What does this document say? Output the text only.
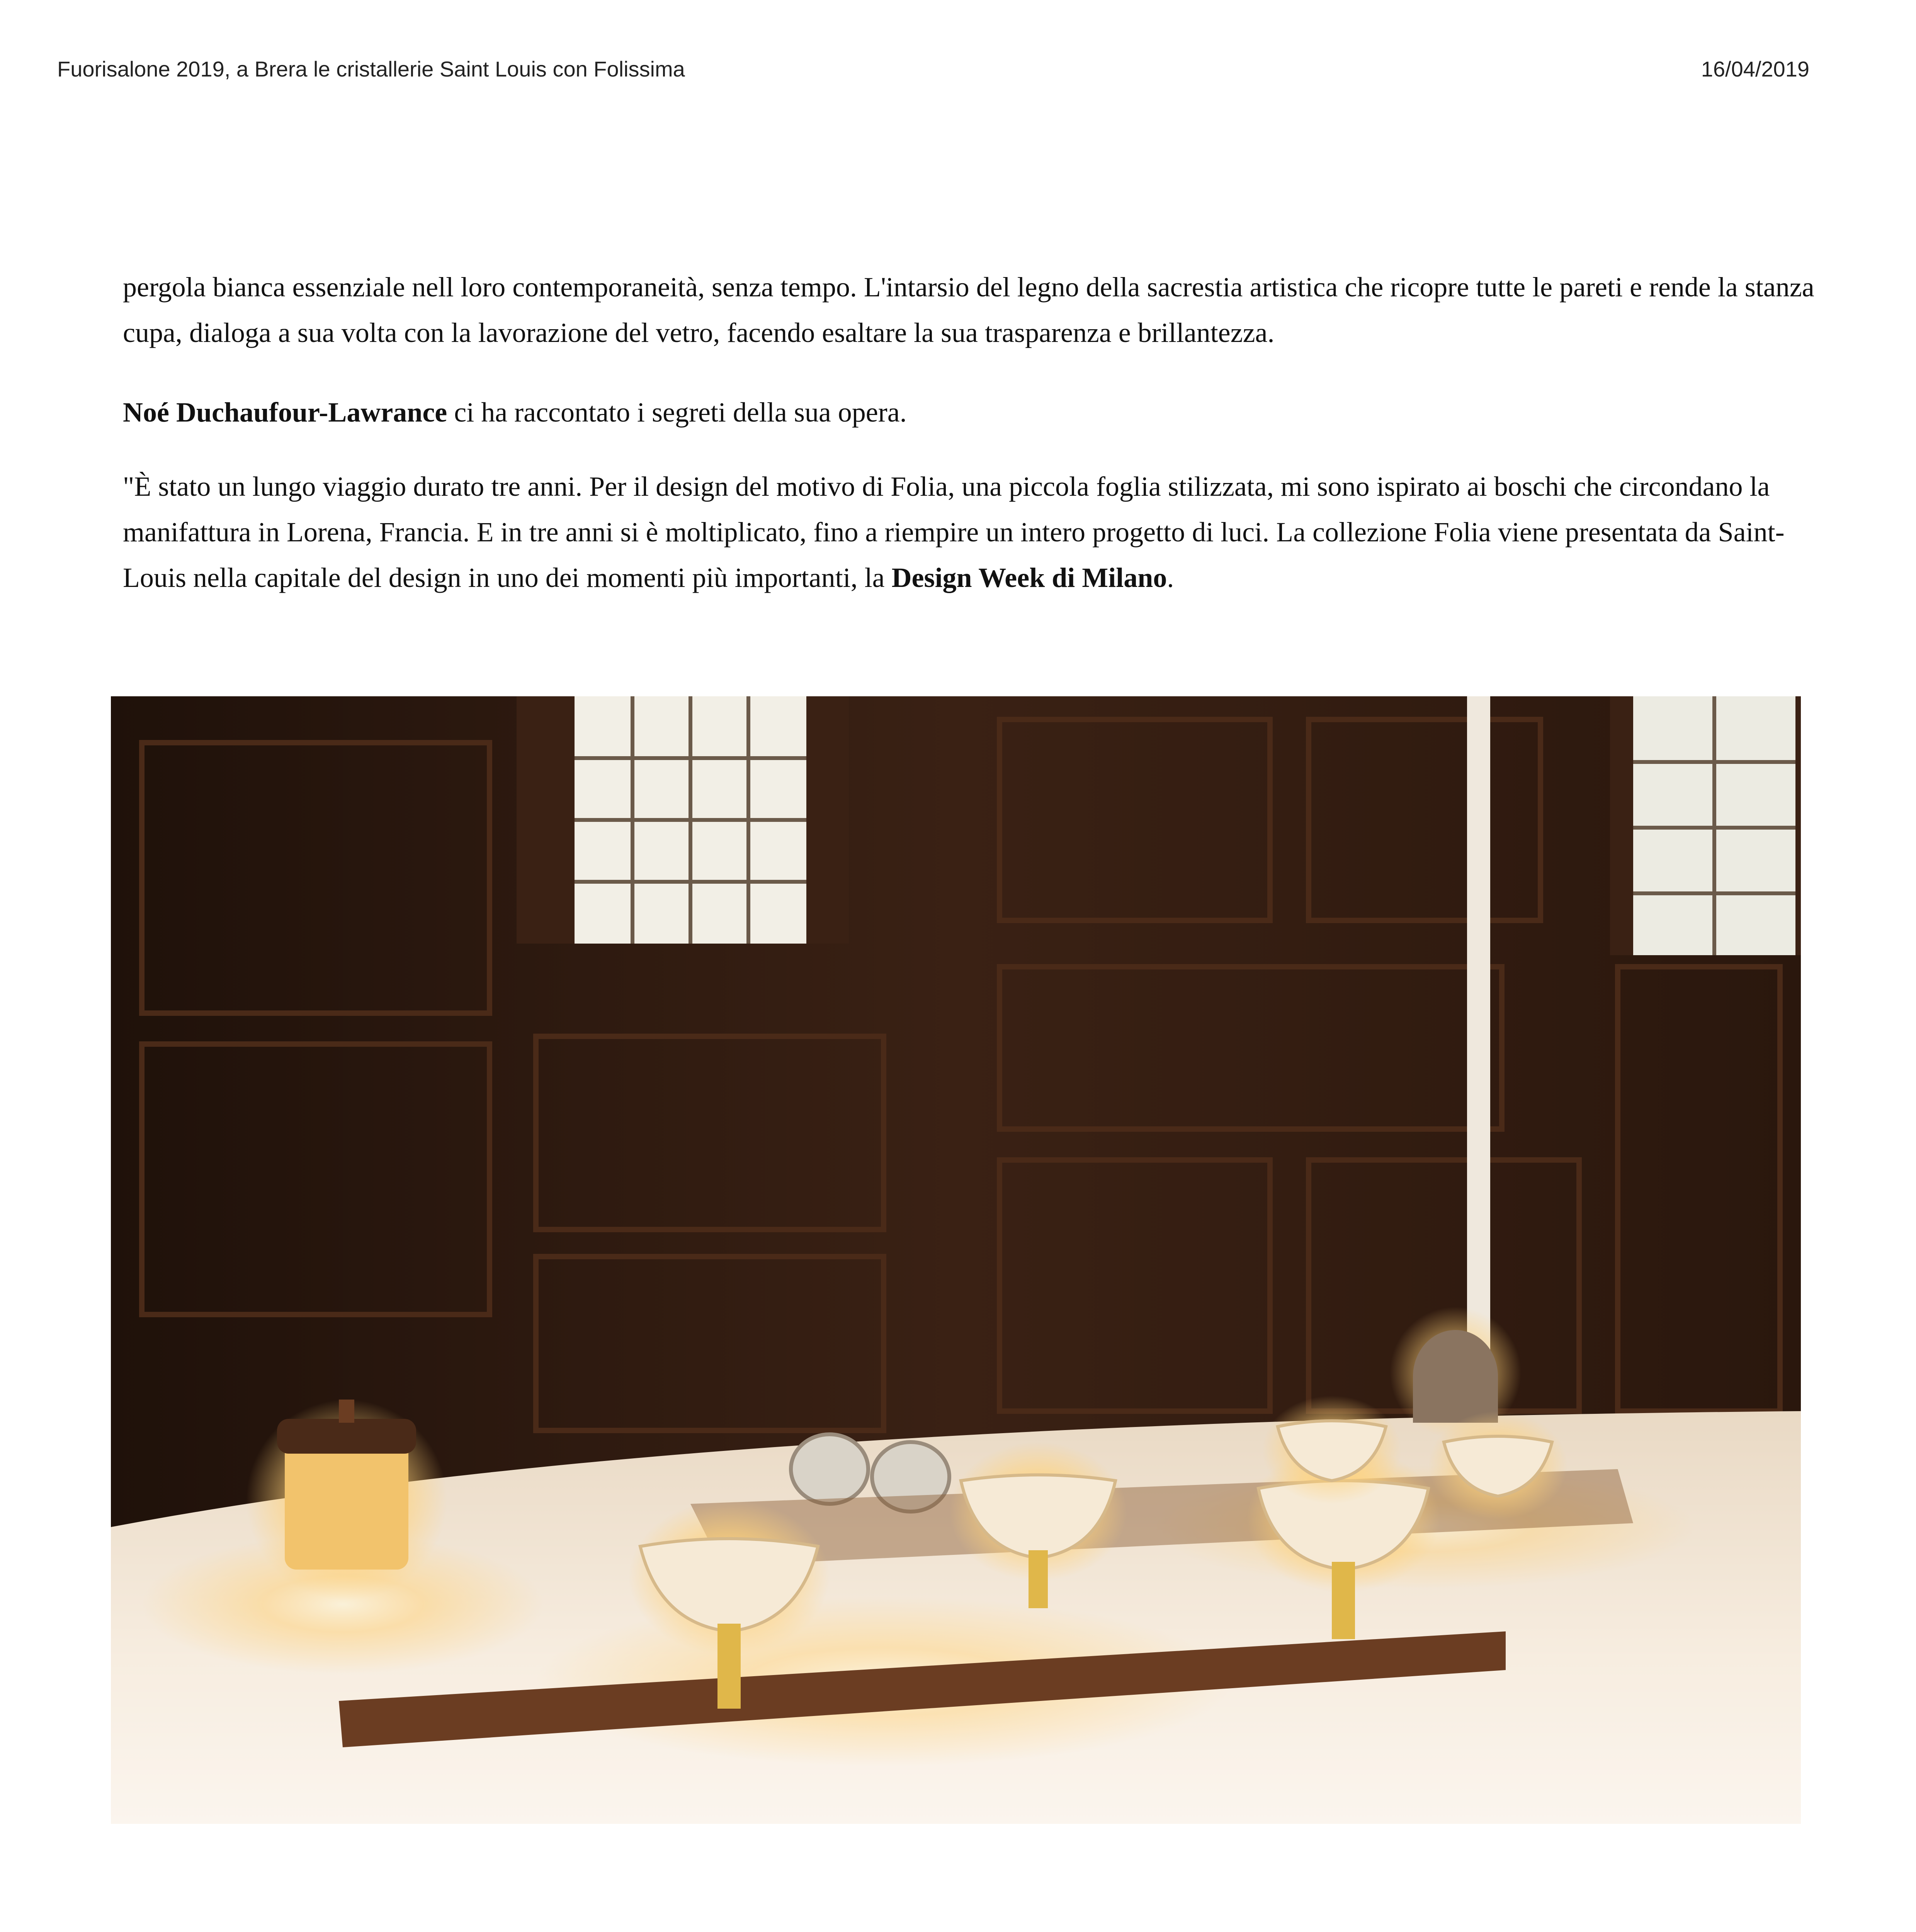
Fuorisalone 2019, a Brera le cristallerie Saint Louis con Folissima	16/04/2019

pergola bianca essenziale nell loro contemporaneità, senza tempo. L'intarsio del legno della sacrestia artistica che ricopre tutte le pareti e rende la stanza cupa, dialoga a sua volta con la lavorazione del vetro, facendo esaltare la sua trasparenza e brillantezza.

Noé Duchaufour-Lawrance ci ha raccontato i segreti della sua opera.

"È stato un lungo viaggio durato tre anni. Per il design del motivo di Folia, una piccola foglia stilizzata, mi sono ispirato ai boschi che circondano la manifattura in Lorena, Francia. E in tre anni si è moltiplicato, fino a riempire un intero progetto di luci. La collezione Folia viene presentata da Saint-Louis nella capitale del design in uno dei momenti più importanti, la Design Week di Milano.
